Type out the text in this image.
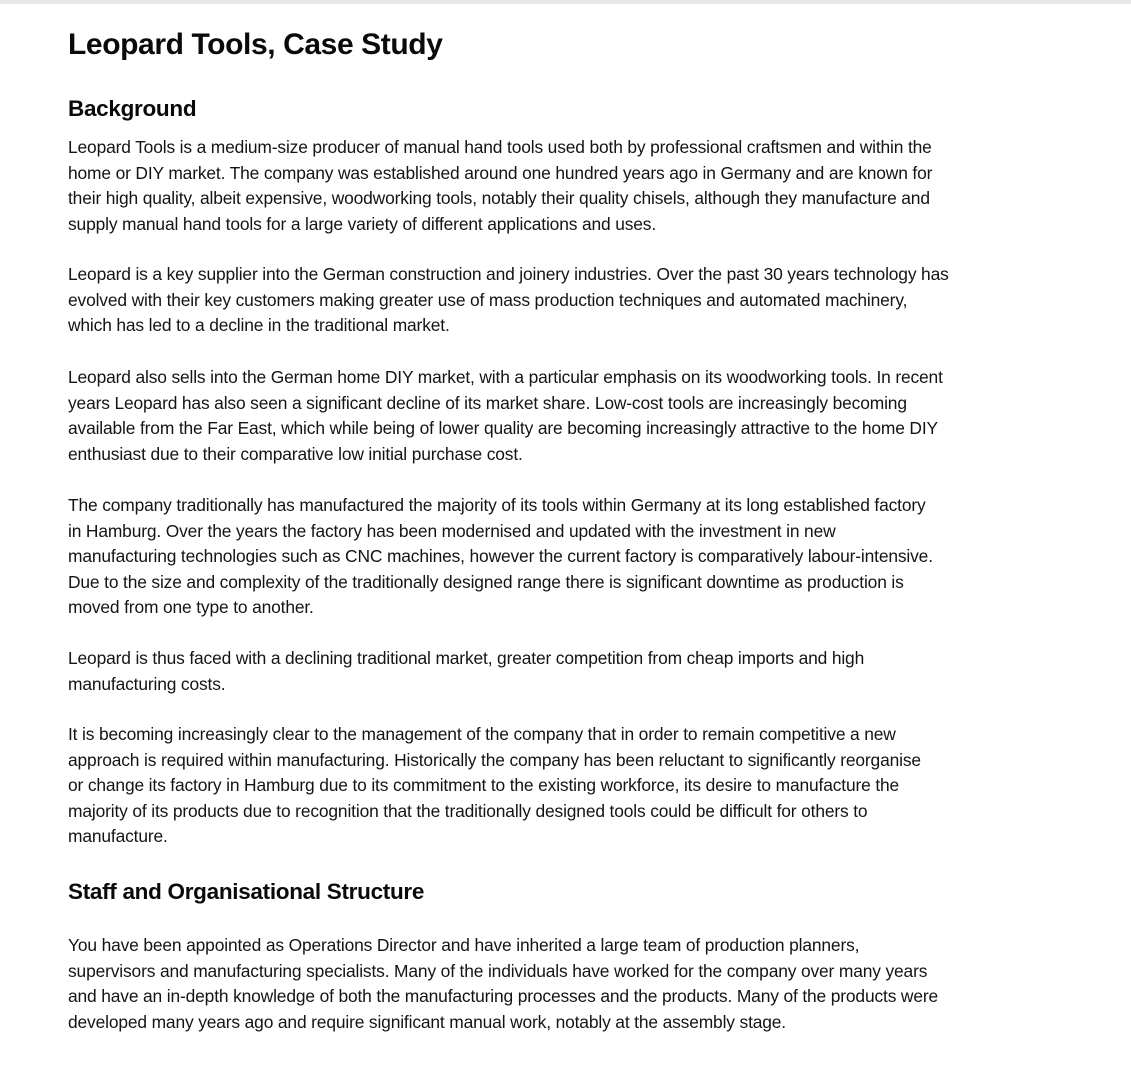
Leopard Tools, Case Study
Background

Leopard Tools is a medium-size producer of manual hand tools used both by professional craftsmen and within the
home or DIY market. The company was established around one hundred years ago in Germany and are known for
their high quality, albeit expensive, woodworking tools, notably their quality chisels, although they manufacture and
supply manual hand tools for a large variety of different applications and uses.

Leopard is a key supplier into the German construction and joinery industries. Over the past 30 years technology has
evolved with their key customers making greater use of mass production techniques and automated machinery,
which has led to a decline in the traditional market.

Leopard also sells into the German home DIY market, with a particular emphasis on its woodworking tools. In recent
years Leopard has also seen a significant decline of its market share. Low-cost tools are increasingly becoming
available from the Far East, which while being of lower quality are becoming increasingly attractive to the home DIY
enthusiast due to their comparative low initial purchase cost.

The company traditionally has manufactured the majority of its tools within Germany at its long established factory
in Hamburg. Over the years the factory has been modernised and updated with the investment in new
manufacturing technologies such as CNC machines, however the current factory is comparatively labour-intensive.
Due to the size and complexity of the traditionally designed range there is significant downtime as production is
moved from one type to another.

Leopard is thus faced with a declining traditional market, greater competition from cheap imports and high
manufacturing costs.

It is becoming increasingly clear to the management of the company that in order to remain competitive a new
approach is required within manufacturing. Historically the company has been reluctant to significantly reorganise
or change its factory in Hamburg due to its commitment to the existing workforce, its desire to manufacture the
majority of its products due to recognition that the traditionally designed tools could be difficult for others to
manufacture.

Staff and Organisational Structure

You have been appointed as Operations Director and have inherited a large team of production planners,
supervisors and manufacturing specialists. Many of the individuals have worked for the company over many years
and have an in-depth knowledge of both the manufacturing processes and the products. Many of the products were
developed many years ago and require significant manual work, notably at the assembly stage.
